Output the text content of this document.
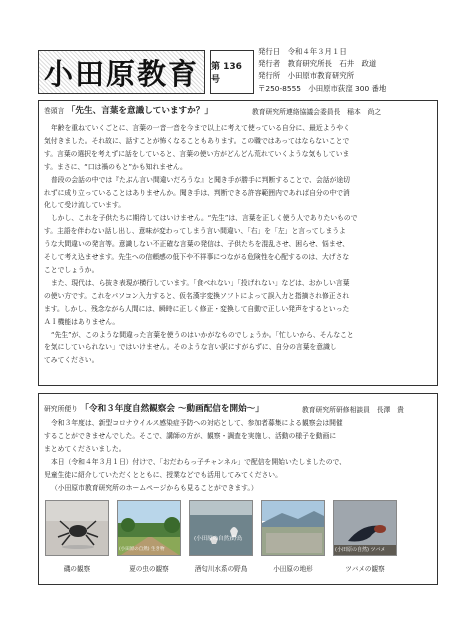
小田原教育 第 136 号
発行日　 令和４年３月１日
発行者　 教育研究所長　石井　政道
発行所　 小田原市教育研究所
〒250-8555　小田原市荻窪 300 番地
巻頭言 「先生、言葉を意識していますか？」	教育研究所連絡協議会委員長　稲本　尚之

年齢を重ねていくごとに、言葉の一音一音を今まで以上に考えて使っている自分に、最近ようやく

気付きました。それ故に、話すことが怖くなることもあります。この職ではあってはならないことで

す。言葉の選択を考えずに話をしていると、言葉の使い方がどんどん荒れていくような気もしていま

す。まさに、“口は禍のもと”かも知れません。

普段の会話の中では『たぶん言い間違いだろうな』と聞き手が勝手に判断することで、会話が途切

れずに成り立っていることはありませんか。聞き手は、判断できる許容範囲内であれば自分の中で消

化して受け流しています。

しかし、これを子供たちに期待してはいけません。“先生”は、言葉を正しく使う人でありたいもので

す。主語を伴わない話し出し、意味が変わってしまう言い間違い、「右」を「左」と言ってしまうよ

うな大間違いの発言等。意識しない不正確な言葉の発信は、子供たちを混乱させ、困らせ、悩ませ、

そして考え込ませます。先生への信頼感の低下や不祥事につながる危険性を心配するのは、大げさな

ことでしょうか。

また、現代は、ら抜き表現が横行しています。「食べれない」「投げれない」などは、おかしい言葉

の使い方です。これをパソコン入力すると、仮名漢字変換ソフトによって誤入力と指摘され修正され

ます。しかし、残念ながら人間には、瞬時に正しく修正・変換して自動で正しい発声をするといった

ＡＩ機能はありません。

“先生”が、このような間違った言葉を使うのはいかがなものでしょうか。「忙しいから、そんなこと

を気にしていられない」ではいけません。そのような言い訳にすがらずに、自分の言葉を意識し

てみてください。

研究所便り 「令和３年度自然観察会 ～動画配信を開始～」	教育研究所研修相談員　長澤　貴

令和３年度は、新型コロナウイルス感染症予防への対応として、参加者募集による観察会は開催

することができませんでした。そこで、講師の方が、観察・調査を実施し、活動の様子を動画に

まとめてくださいました。

本日（令和４年３月１日）付けで、「おだわらっ子チャンネル」で配信を開始いたしましたので、

児童生徒に紹介していただくとともに、授業などでも活用してみてください。

（小田原市教育研究所のホームページからも見ることができます。）

(小田原の自然) 生き物
(小田原の自然)野鳥
(小田原の自然) ツバメ
磯の観察	夏の虫の観察	酒匂川水系の野鳥	小田原の地形	ツバメの観察
